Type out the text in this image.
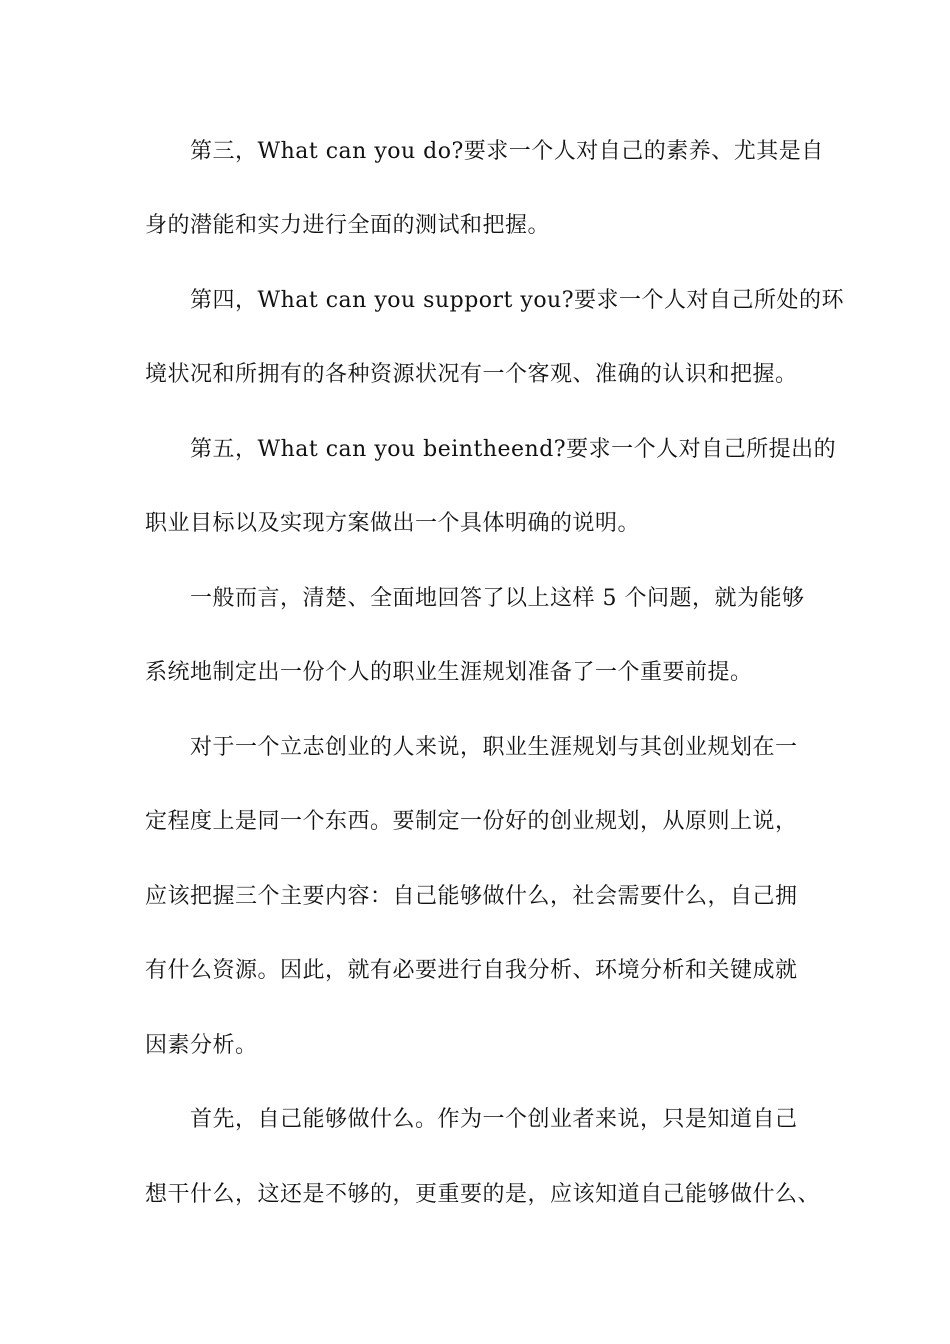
第三，What can you do?要求一个人对自己的素养、尤其是自
身的潜能和实力进行全面的测试和把握。
第四，What can you support you?要求一个人对自己所处的环
境状况和所拥有的各种资源状况有一个客观、准确的认识和把握。
第五，What can you beintheend?要求一个人对自己所提出的
职业目标以及实现方案做出一个具体明确的说明。
一般而言，清楚、全面地回答了以上这样 5 个问题，就为能够
系统地制定出一份个人的职业生涯规划准备了一个重要前提。
对于一个立志创业的人来说，职业生涯规划与其创业规划在一
定程度上是同一个东西。要制定一份好的创业规划，从原则上说，
应该把握三个主要内容：自己能够做什么，社会需要什么，自己拥
有什么资源。因此，就有必要进行自我分析、环境分析和关键成就
因素分析。
首先，自己能够做什么。作为一个创业者来说，只是知道自己
想干什么，这还是不够的，更重要的是，应该知道自己能够做什么、
